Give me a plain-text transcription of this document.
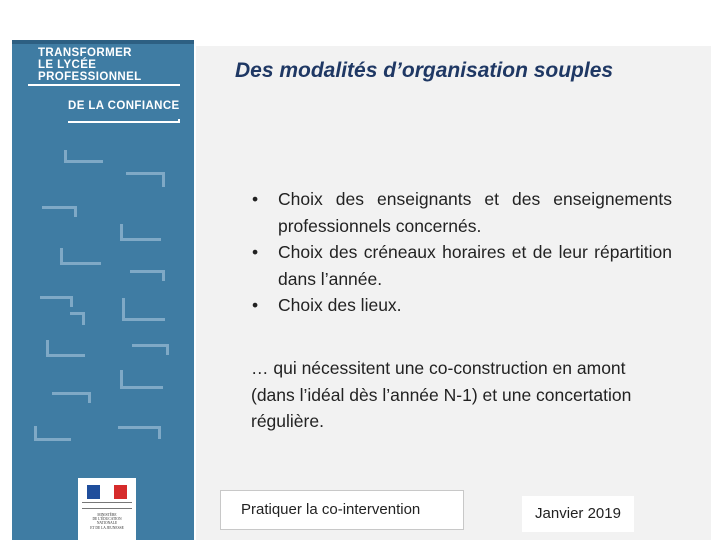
TRANSFORMER
LE LYCÉE
PROFESSIONNEL
DE LA CONFIANCE
MINISTÈRE
DE L'ÉDUCATION
NATIONALE
ET DE LA JEUNESSE
Des modalités d’organisation souples
• Choix des enseignants et des enseignements professionnels concernés.
• Choix des créneaux horaires et de leur répartition dans l’année.
• Choix des lieux.

… qui nécessitent une co-construction en amont (dans l’idéal dès l’année N-1) et une concertation régulière.

Pratiquer la co-intervention	Janvier 2019
